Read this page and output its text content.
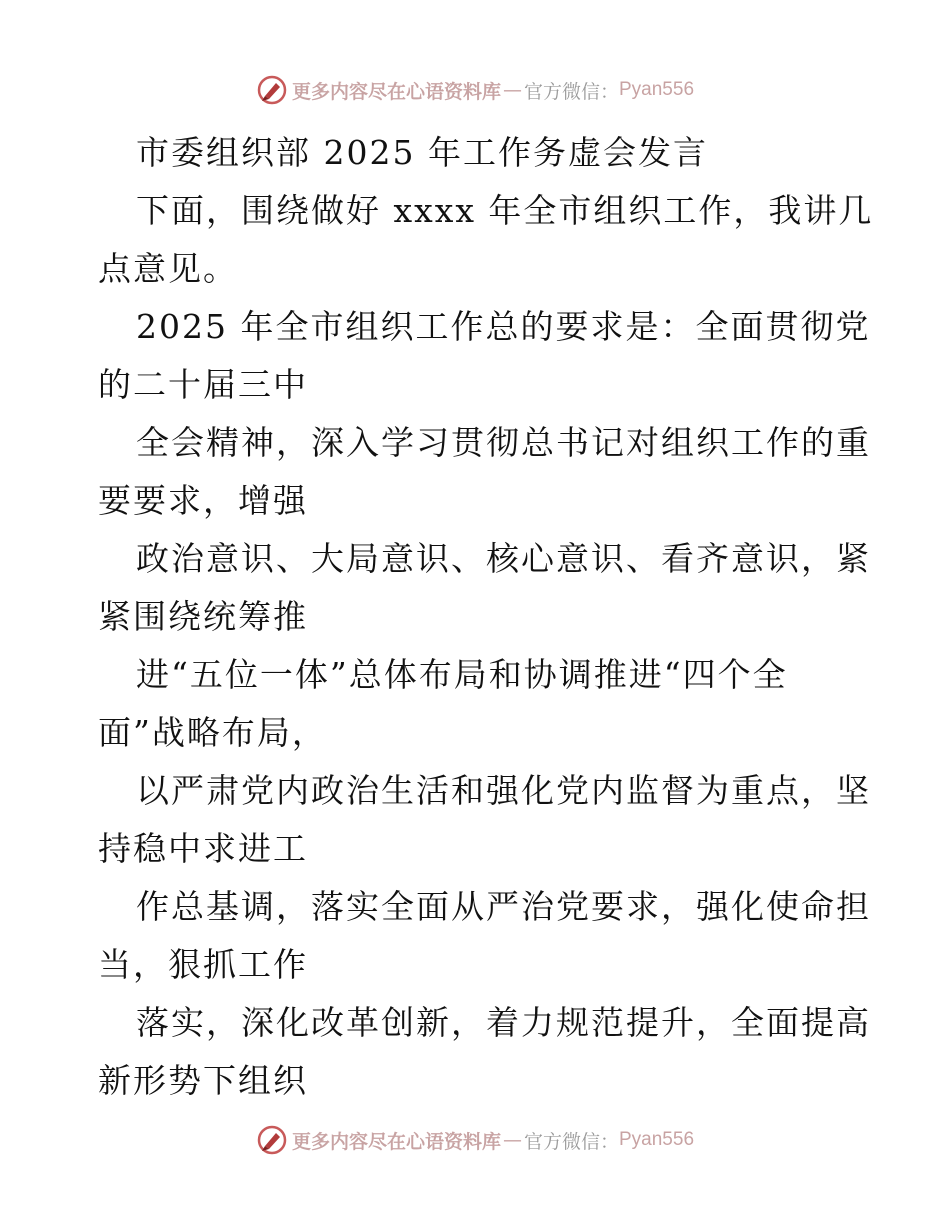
更多内容尽在心语资料库 — 官方微信： Pyan556
市委组织部 2025 年工作务虚会发言
下面，围绕做好 xxxx 年全市组织工作，我讲几
点意见。
2025 年全市组织工作总的要求是：全面贯彻党
的二十届三中
全会精神，深入学习贯彻总书记对组织工作的重
要要求，增强
政治意识、大局意识、核心意识、看齐意识，紧
紧围绕统筹推
进“五位一体”总体布局和协调推进“四个全
面”战略布局，
以严肃党内政治生活和强化党内监督为重点，坚
持稳中求进工
作总基调，落实全面从严治党要求，强化使命担
当，狠抓工作
落实，深化改革创新，着力规范提升，全面提高
新形势下组织
更多内容尽在心语资料库 — 官方微信： Pyan556
